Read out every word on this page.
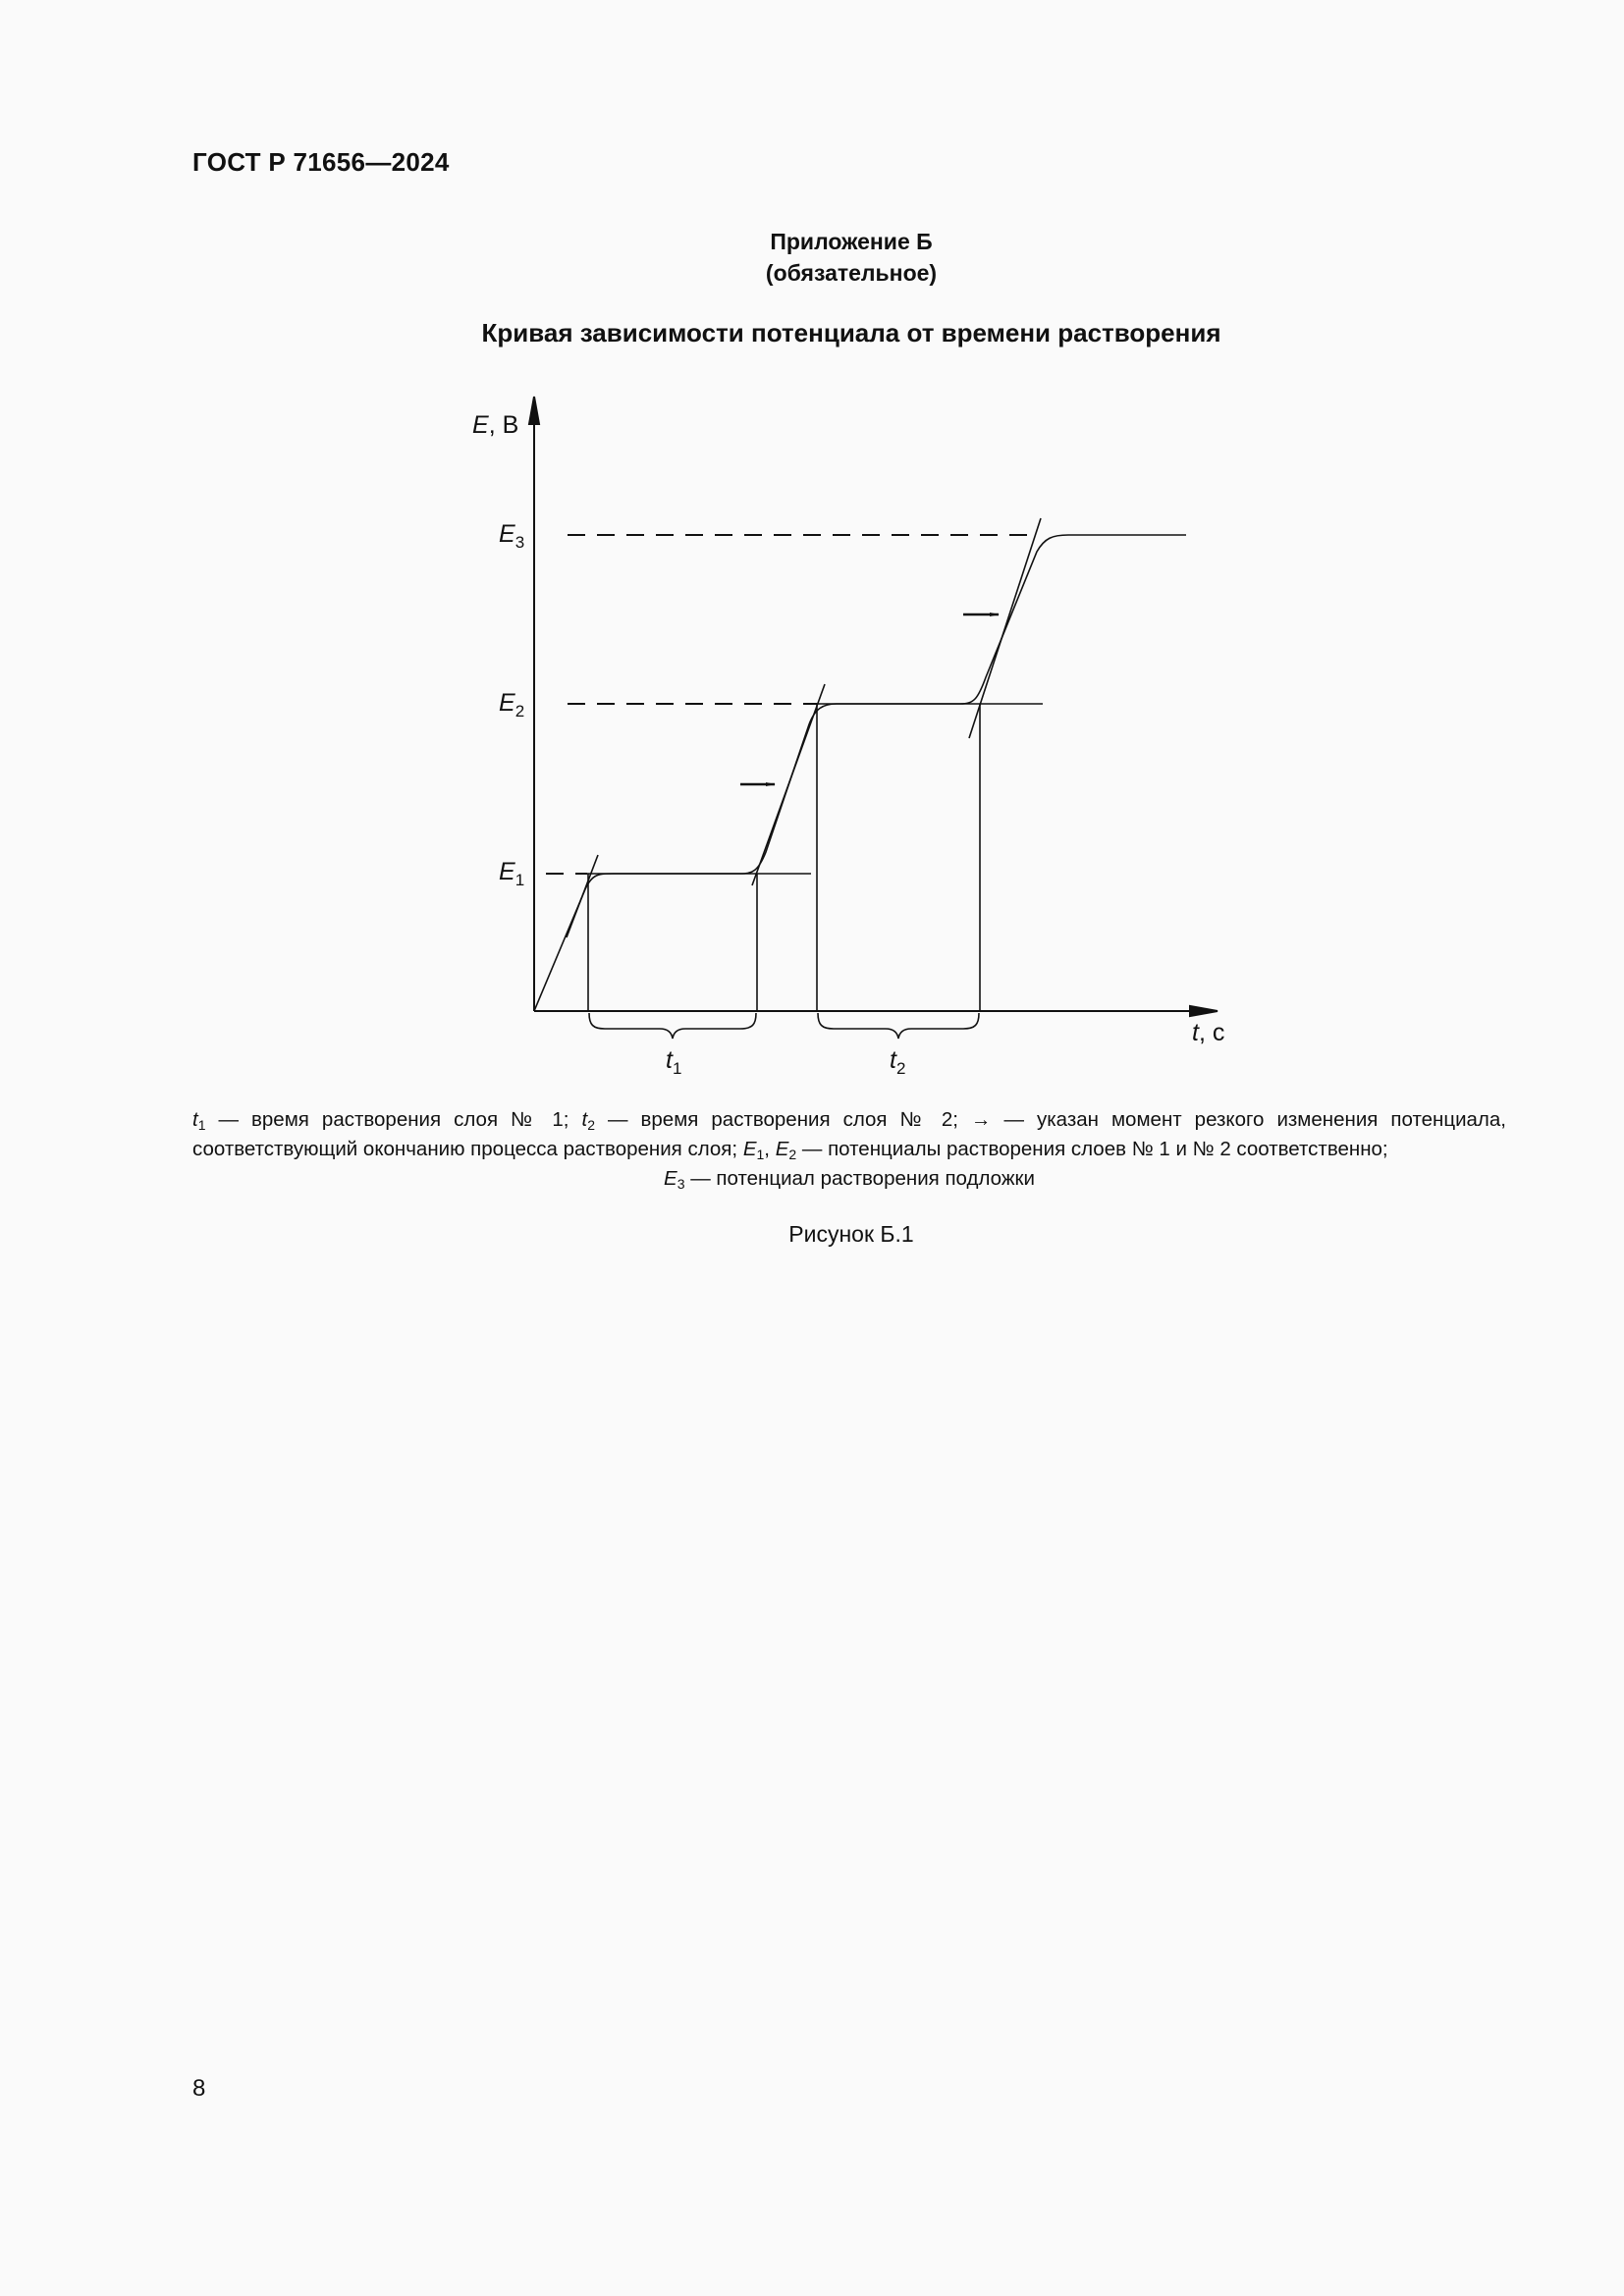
ГОСТ Р 71656—2024
Приложение Б
(обязательное)
Кривая зависимости потенциала от времени растворения
E, В
t, с
$E_3$
$E_2$
$E_1$
$t_1$	$t_2$
$t_1$ — время растворения слоя № 1; $t_2$ — время растворения слоя № 2; → — указан момент резкого изменения потенциала, соответствующий окончанию процесса растворения слоя; $E_1$, $E_2$ — потенциалы растворения слоев № 1 и № 2 соответственно;
$E_3$ — потенциал растворения подложки
Рисунок Б.1
8
